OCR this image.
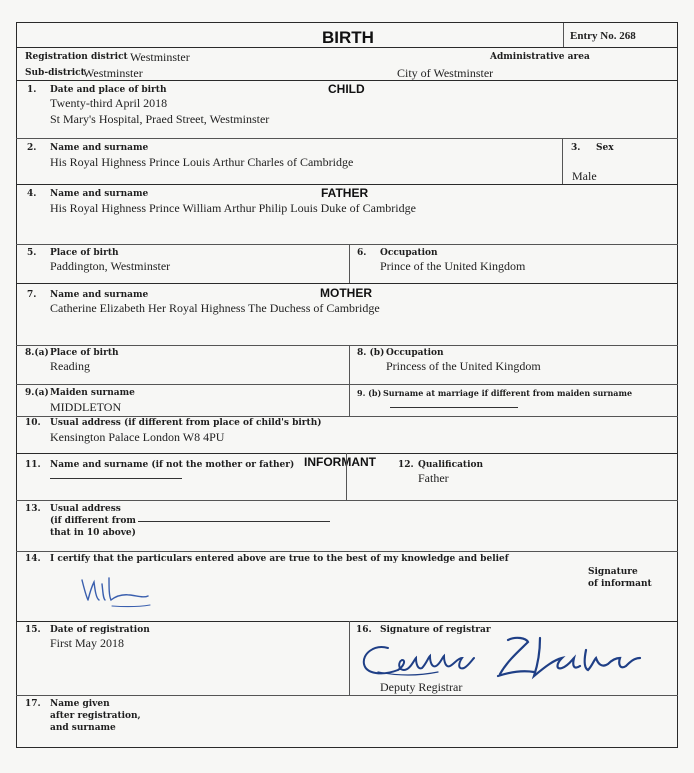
BIRTH	Entry No. 268
Registration district Westminster	Administrative area
Sub-district
Westminster	City of Westminster
CHILD
1. Date and place of birth
Twenty-third April 2018
St Mary's Hospital, Praed Street, Westminster
2. Name and surname
His Royal Highness Prince Louis Arthur Charles of Cambridge
3. Sex
Male
FATHER
4. Name and surname
His Royal Highness Prince William Arthur Philip Louis Duke of Cambridge
5. Place of birth
Paddington, Westminster
6. Occupation
Prince of the United Kingdom
MOTHER
7. Name and surname
Catherine Elizabeth Her Royal Highness The Duchess of Cambridge
8.(a) Place of birth
Reading
8. (b) Occupation
Princess of the United Kingdom
9.(a) Maiden surname
MIDDLETON
9. (b) Surname at marriage if different from maiden surname
10. Usual address (if different from place of child's birth)
Kensington Palace London W8 4PU
INFORMANT
11. Name and surname (if not the mother or father)	12. Qualification
Father
13. Usual address
(if different from
that in 10 above)
14. I certify that the particulars entered above are true to the best of my knowledge and belief
Signature
of informant
15. Date of registration
First May 2018
16. Signature of registrar
Deputy Registrar
17. Name given
after registration,
and surname
